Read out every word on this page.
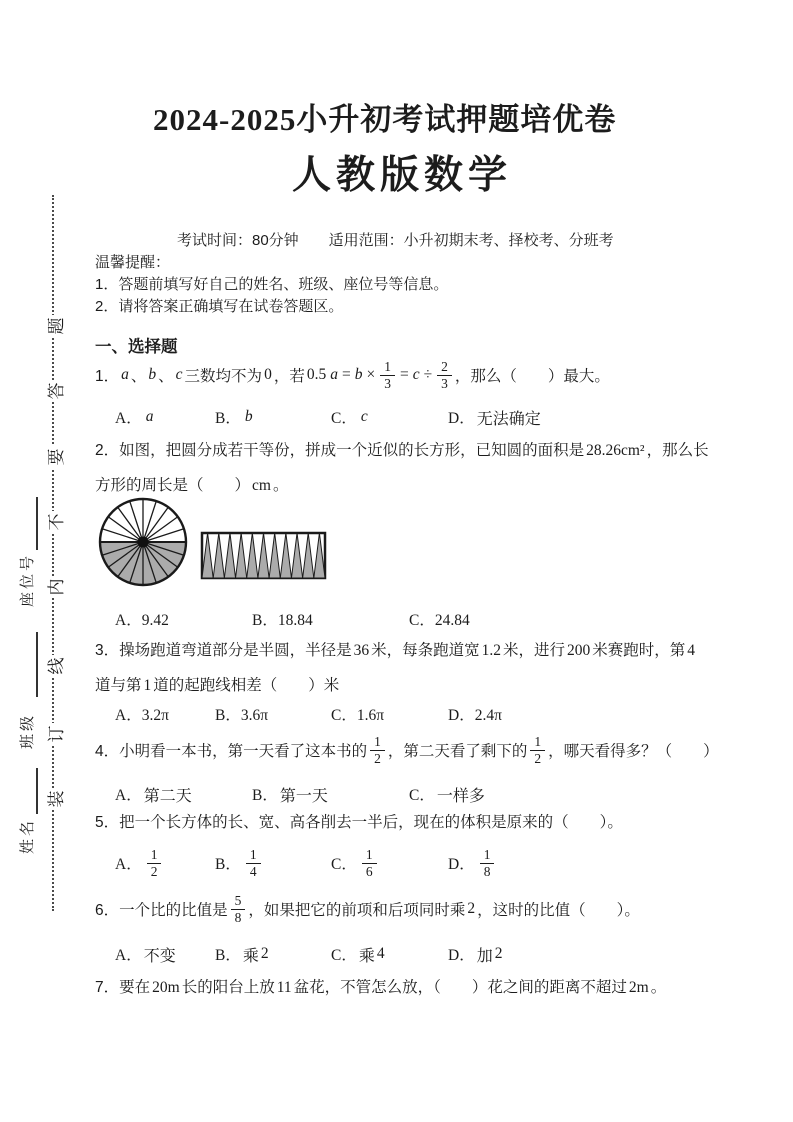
题
答
要
不
内
线
订
装
座位号
班级
姓名
2024-2025小升初考试押题培优卷
人教版数学
考试时间：80分钟　　适用范围：小升初期末考、择校考、分班考
温馨提醒：
1．答题前填写好自己的姓名、班级、座位号等信息。
2．请将答案正确填写在试卷答题区。
一、选择题
1． a 、 b 、 c 三数均不为 0 ，若 0.5 $a = b \times \frac{1}{3} = c \div \frac{2}{3}$ ，那么（　　）最大。
A． a	B． b	C． c	D． 无法确定
2．如图，把圆分成若干等份，拼成一个近似的长方形，已知圆的面积是 28.26cm² ，那么长方形的周长是（　　） cm 。
A．9.42	B．18.84	C．24.84
3．操场跑道弯道部分是半圆，半径是 36 米，每条跑道宽 1.2 米，进行 200 米赛跑时，第 4道与第 1 道的起跑线相差（　　）米
A．3.2π	B．3.6π	C．1.6π	D．2.4π
4．小明看一本书，第一天看了这本书的 $\frac{1}{2}$ ，第二天看了剩下的 $\frac{1}{2}$ ，哪天看得多？（　　）
A． 第二天	B． 第一天	C． 一样多
5．把一个长方体的长、宽、高各削去一半后，现在的体积是原来的（　　）。
A． $\frac{1}{2}$	B． $\frac{1}{4}$	C． $\frac{1}{6}$	D． $\frac{1}{8}$
6．一个比的比值是 $\frac{5}{8}$ ，如果把它的前项和后项同时乘 2 ，这时的比值（　　）。
A． 不变	B． 乘 2	C． 乘 4	D． 加 2
7．要在 20m 长的阳台上放 11 盆花，不管怎么放，（　　）花之间的距离不超过 2m 。
